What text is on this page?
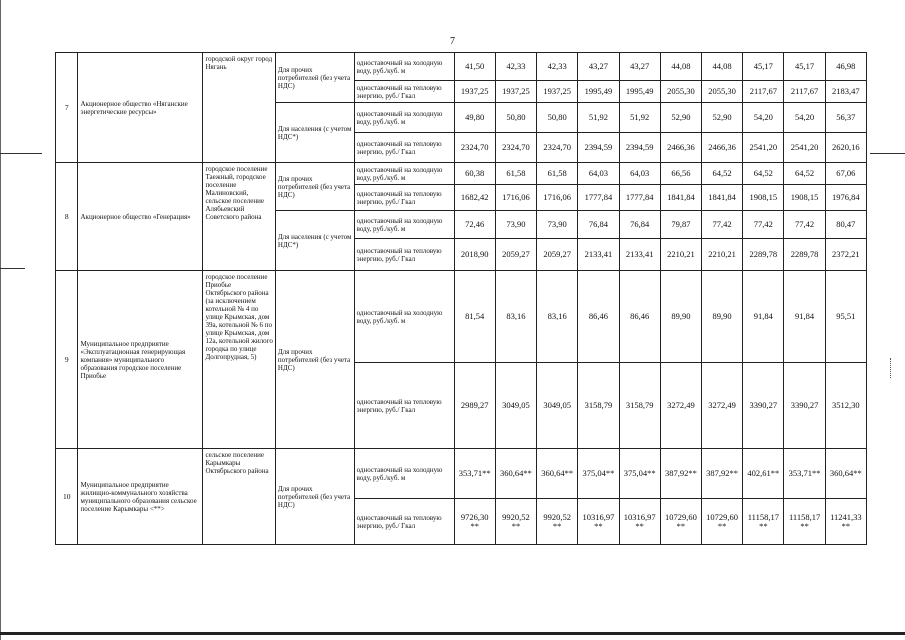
7
7	Акционерное общество «Няганские энергетические ресурсы»	городской округ город Нягань	Для прочих потребителей (без учета НДС)	одноставочный на холодную воду, руб./куб. м	41,50	42,33	42,33	43,27	43,27	44,08	44,08	45,17	45,17	46,98
				одноставочный на тепловую энергию, руб./ Гкал	1937,25	1937,25	1937,25	1995,49	1995,49	2055,30	2055,30	2117,67	2117,67	2183,47
			Для населения (с учетом НДС*)	одноставочный на холодную воду, руб./куб. м	49,80	50,80	50,80	51,92	51,92	52,90	52,90	54,20	54,20	56,37
				одноставочный на тепловую энергию, руб./ Гкал	2324,70	2324,70	2324,70	2394,59	2394,59	2466,36	2466,36	2541,20	2541,20	2620,16
8	Акционерное общество «Генерация»	городское поселение Таежный, городское поселение Малиновский, сельское поселение Алябьевский Советского района	Для прочих потребителей (без учета НДС)	одноставочный на холодную воду, руб./куб. м	60,38	61,58	61,58	64,03	64,03	66,56	64,52	64,52	64,52	67,06
				одноставочный на тепловую энергию, руб./ Гкал	1682,42	1716,06	1716,06	1777,84	1777,84	1841,84	1841,84	1908,15	1908,15	1976,84
			Для населения (с учетом НДС*)	одноставочный на холодную воду, руб./куб. м	72,46	73,90	73,90	76,84	76,84	79,87	77,42	77,42	77,42	80,47
				одноставочный на тепловую энергию, руб./ Гкал	2018,90	2059,27	2059,27	2133,41	2133,41	2210,21	2210,21	2289,78	2289,78	2372,21
9	Муниципальное предприятие «Эксплуатационная генерирующая компания» муниципального образования городское поселение Приобье	городское поселение Приобье Октябрьского района (за исключением котельной № 4 по улице Крымская, дом 39а, котельной № 6 по улице Крымская, дом 12а, котельной жилого городка по улице Долгопрудная, 5)	Для прочих потребителей (без учета НДС)	одноставочный на холодную воду, руб./куб. м	81,54	83,16	83,16	86,46	86,46	89,90	89,90	91,84	91,84	95,51
				одноставочный на тепловую энергию, руб./ Гкал	2989,27	3049,05	3049,05	3158,79	3158,79	3272,49	3272,49	3390,27	3390,27	3512,30
10	Муниципальное предприятие жилищно-коммунального хозяйства муниципального образования сельское поселение Карымкары <**>	сельское поселение Карымкары Октябрьского района	Для прочих потребителей (без учета НДС)	одноставочный на холодную воду, руб./куб. м	353,71**	360,64**	360,64**	375,04**	375,04**	387,92**	387,92**	402,61**	353,71**	360,64**
				одноставочный на тепловую энергию, руб./ Гкал	9726,30 **	9920,52 **	9920,52 **	10316,97 **	10316,97 **	10729,60 **	10729,60 **	11158,17 **	11158,17 **	11241,33 **
